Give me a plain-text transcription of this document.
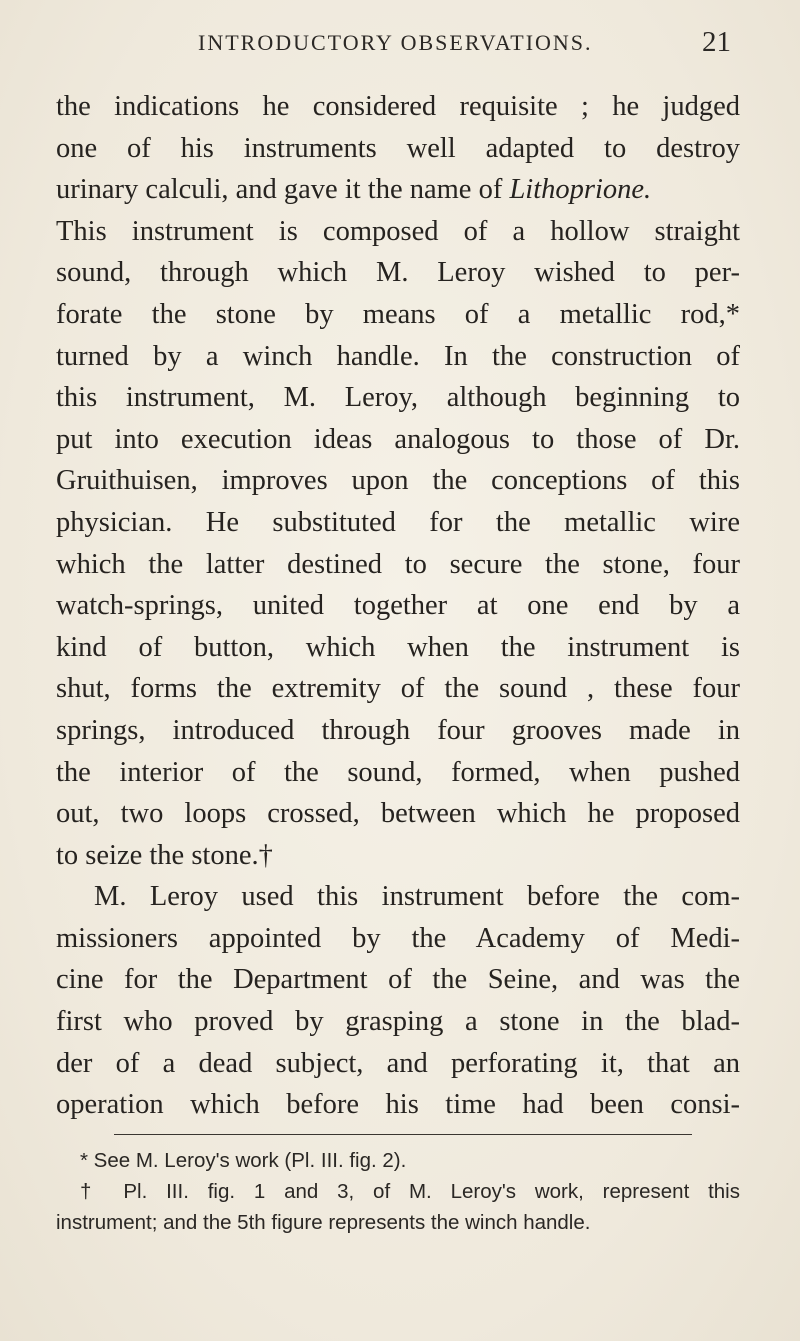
INTRODUCTORY OBSERVATIONS.	21
the indications he considered requisite ; he judged
one of his instruments well adapted to destroy
urinary calculi, and gave it the name of Lithoprione.
This instrument is composed of a hollow straight
sound, through which M. Leroy wished to per-
forate the stone by means of a metallic rod,*
turned by a winch handle. In the construction of
this instrument, M. Leroy, although beginning to
put into execution ideas analogous to those of Dr.
Gruithuisen, improves upon the conceptions of this
physician. He substituted for the metallic wire
which the latter destined to secure the stone, four
watch-springs, united together at one end by a
kind of button, which when the instrument is
shut, forms the extremity of the sound , these four
springs, introduced through four grooves made in
the interior of the sound, formed, when pushed
out, two loops crossed, between which he proposed
to seize the stone.†
M. Leroy used this instrument before the com-
missioners appointed by the Academy of Medi-
cine for the Department of the Seine, and was the
first who proved by grasping a stone in the blad-
der of a dead subject, and perforating it, that an
operation which before his time had been consi-
* See M. Leroy's work (Pl. III. fig. 2).
† Pl. III. fig. 1 and 3, of M. Leroy's work, represent this
instrument; and the 5th figure represents the winch handle.
